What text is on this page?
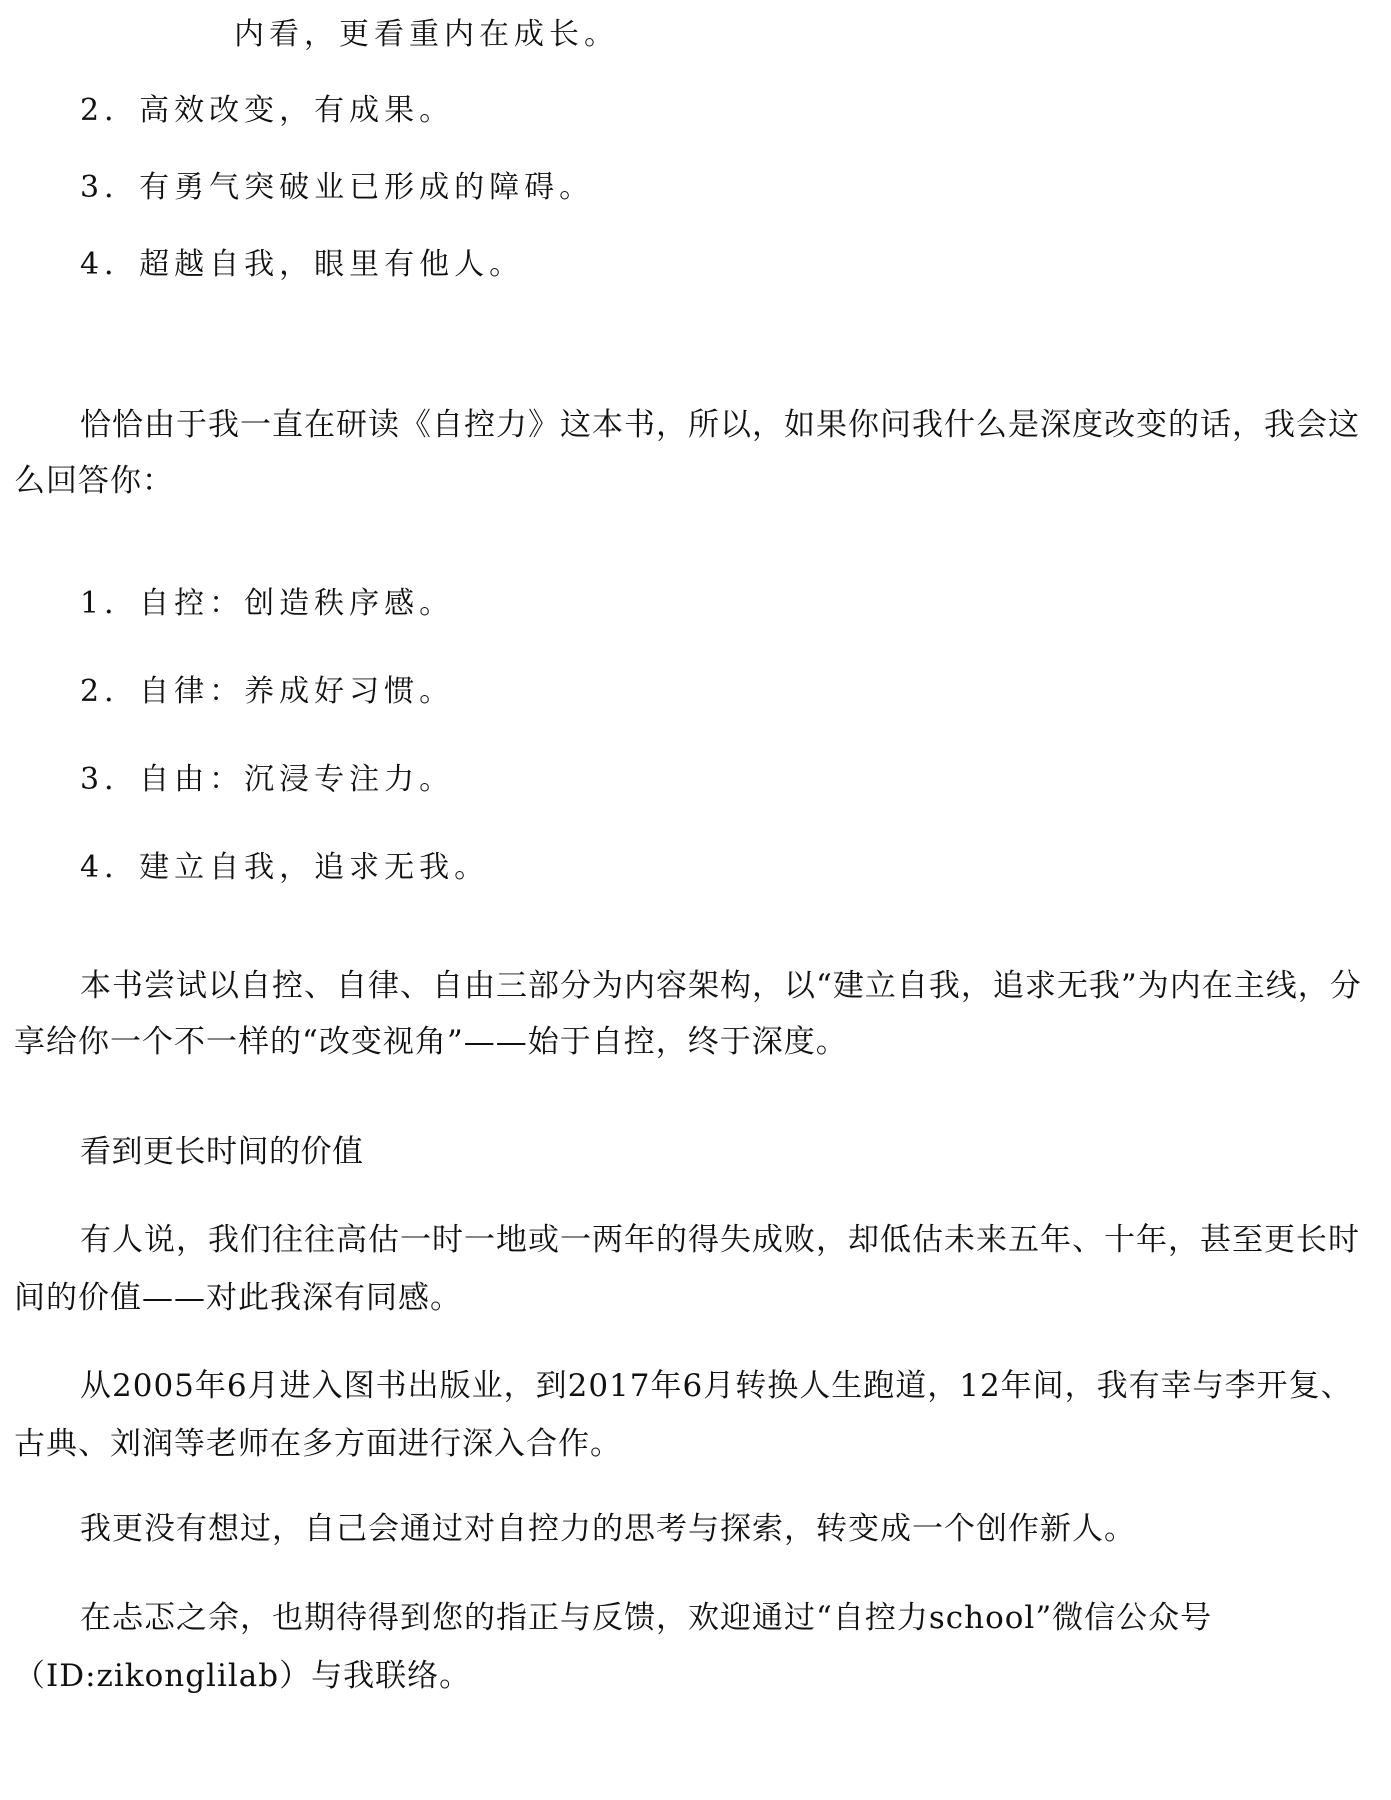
内看，更看重内在成长。
2．高效改变，有成果。
3．有勇气突破业已形成的障碍。
4．超越自我，眼里有他人。
恰恰由于我一直在研读《自控力》这本书，所以，如果你问我什么是深度改变的话，我会这么回答你：
1．自控：创造秩序感。
2．自律：养成好习惯。
3．自由：沉浸专注力。
4．建立自我，追求无我。
本书尝试以自控、自律、自由三部分为内容架构，以“建立自我，追求无我”为内在主线，分享给你一个不一样的“改变视角”——始于自控，终于深度。
看到更长时间的价值
有人说，我们往往高估一时一地或一两年的得失成败，却低估未来五年、十年，甚至更长时间的价值——对此我深有同感。
从2005年6月进入图书出版业，到2017年6月转换人生跑道，12年间，我有幸与李开复、古典、刘润等老师在多方面进行深入合作。
我更没有想过，自己会通过对自控力的思考与探索，转变成一个创作新人。
在忐忑之余，也期待得到您的指正与反馈，欢迎通过“自控力school”微信公众号（ID:zikonglilab）与我联络。
